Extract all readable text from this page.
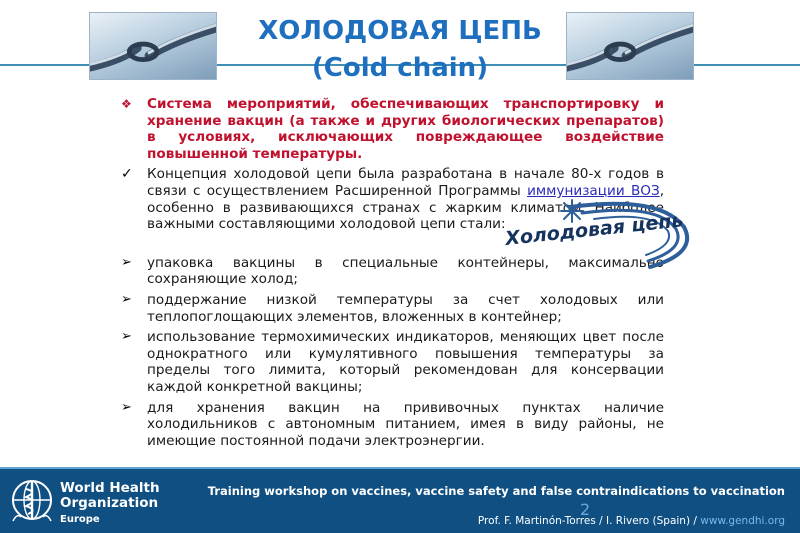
ХОЛОДОВАЯ ЦЕПЬ
(Cold chain)
❖	Система мероприятий, обеспечивающих транспортировку и хранение вакцин (а также и других биологических препаратов) в условиях, исключающих повреждающее воздействие повышенной температуры.
✓	Концепция холодовой цепи была разработана в начале 80-х годов в связи с осуществлением Расширенной Программы иммунизации ВОЗ, особенно в развивающихся странах с жарким климатом. Наиболее важными составляющими холодовой цепи стали:
➢	упаковка вакцины в специальные контейнеры, максимально сохраняющие холод;
➢	поддержание низкой температуры за счет холодовых или теплопоглощающих элементов, вложенных в контейнер;
➢	использование термохимических индикаторов, меняющих цвет после однократного или кумулятивного повышения температуры за пределы того лимита, который рекомендован для консервации каждой конкретной вакцины;
➢	для хранения вакцин на прививочных пунктах наличие холодильников с автономным питанием, имея в виду районы, не имеющие постоянной подачи электроэнергии.
Холодовая цепь
World Health
Organization
Europe
Training workshop on vaccines, vaccine safety and false contraindications to vaccination
2
Prof. F. Martinón-Torres / I. Rivero (Spain) / www.gendhi.org
